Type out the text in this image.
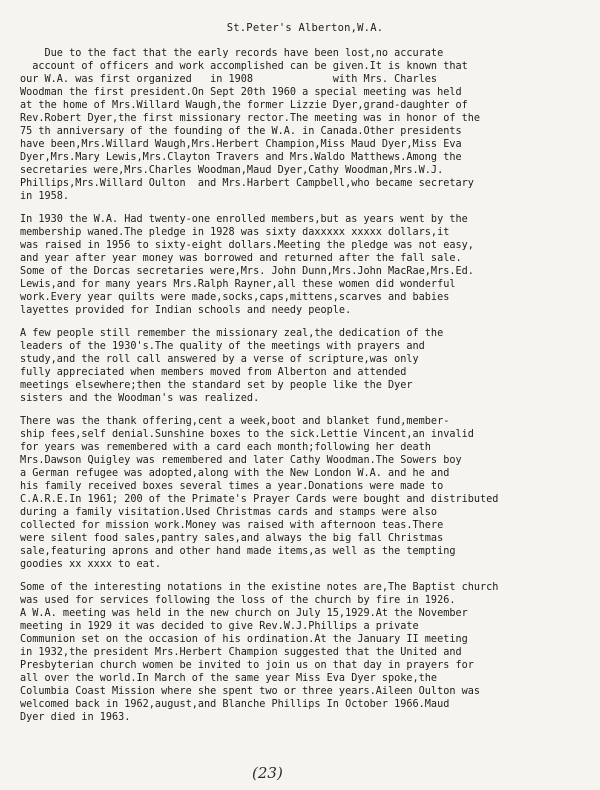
St.Peter's Alberton,W.A.
Due to the fact that the early records have been lost,no accurate
account of officers and work accomplished can be given.It is known that
our W.A. was first organized   in 1908             with Mrs. Charles
Woodman the first president.On Sept 20th 1960 a special meeting was held
at the home of Mrs.Willard Waugh,the former Lizzie Dyer,grand-daughter of
Rev.Robert Dyer,the first missionary rector.The meeting was in honor of the
75 th anniversary of the founding of the W.A. in Canada.Other presidents
have been,Mrs.Willard Waugh,Mrs.Herbert Champion,Miss Maud Dyer,Miss Eva
Dyer,Mrs.Mary Lewis,Mrs.Clayton Travers and Mrs.Waldo Matthews.Among the
secretaries were,Mrs.Charles Woodman,Maud Dyer,Cathy Woodman,Mrs.W.J.
Phillips,Mrs.Willard Oulton  and Mrs.Harbert Campbell,who became secretary
in 1958.
In 1930 the W.A. Had twenty-one enrolled members,but as years went by the
membership waned.The pledge in 1928 was sixty daxxxxx xxxxx dollars,it
was raised in 1956 to sixty-eight dollars.Meeting the pledge was not easy,
and year after year money was borrowed and returned after the fall sale.
Some of the Dorcas secretaries were,Mrs. John Dunn,Mrs.John MacRae,Mrs.Ed.
Lewis,and for many years Mrs.Ralph Rayner,all these women did wonderful
work.Every year quilts were made,socks,caps,mittens,scarves and babies
layettes provided for Indian schools and needy people.
A few people still remember the missionary zeal,the dedication of the
leaders of the 1930's.The quality of the meetings with prayers and
study,and the roll call answered by a verse of scripture,was only
fully appreciated when members moved from Alberton and attended
meetings elsewhere;then the standard set by people like the Dyer
sisters and the Woodman's was realized.
There was the thank offering,cent a week,boot and blanket fund,member-
ship fees,self denial.Sunshine boxes to the sick.Lettie Vincent,an invalid
for years was remembered with a card each month;following her death
Mrs.Dawson Quigley was remembered and later Cathy Woodman.The Sowers boy
a German refugee was adopted,along with the New London W.A. and he and
his family received boxes several times a year.Donations were made to
C.A.R.E.In 1961; 200 of the Primate's Prayer Cards were bought and distributed
during a family visitation.Used Christmas cards and stamps were also
collected for mission work.Money was raised with afternoon teas.There
were silent food sales,pantry sales,and always the big fall Christmas
sale,featuring aprons and other hand made items,as well as the tempting
goodies xx xxxx to eat.
Some of the interesting notations in the existine notes are,The Baptist church
was used for services following the loss of the church by fire in 1926.
A W.A. meeting was held in the new church on July 15,1929.At the November
meeting in 1929 it was decided to give Rev.W.J.Phillips a private
Communion set on the occasion of his ordination.At the January II meeting
in 1932,the president Mrs.Herbert Champion suggested that the United and
Presbyterian church women be invited to join us on that day in prayers for
all over the world.In March of the same year Miss Eva Dyer spoke,the
Columbia Coast Mission where she spent two or three years.Aileen Oulton was
welcomed back in 1962,august,and Blanche Phillips In October 1966.Maud
Dyer died in 1963.
(23)
